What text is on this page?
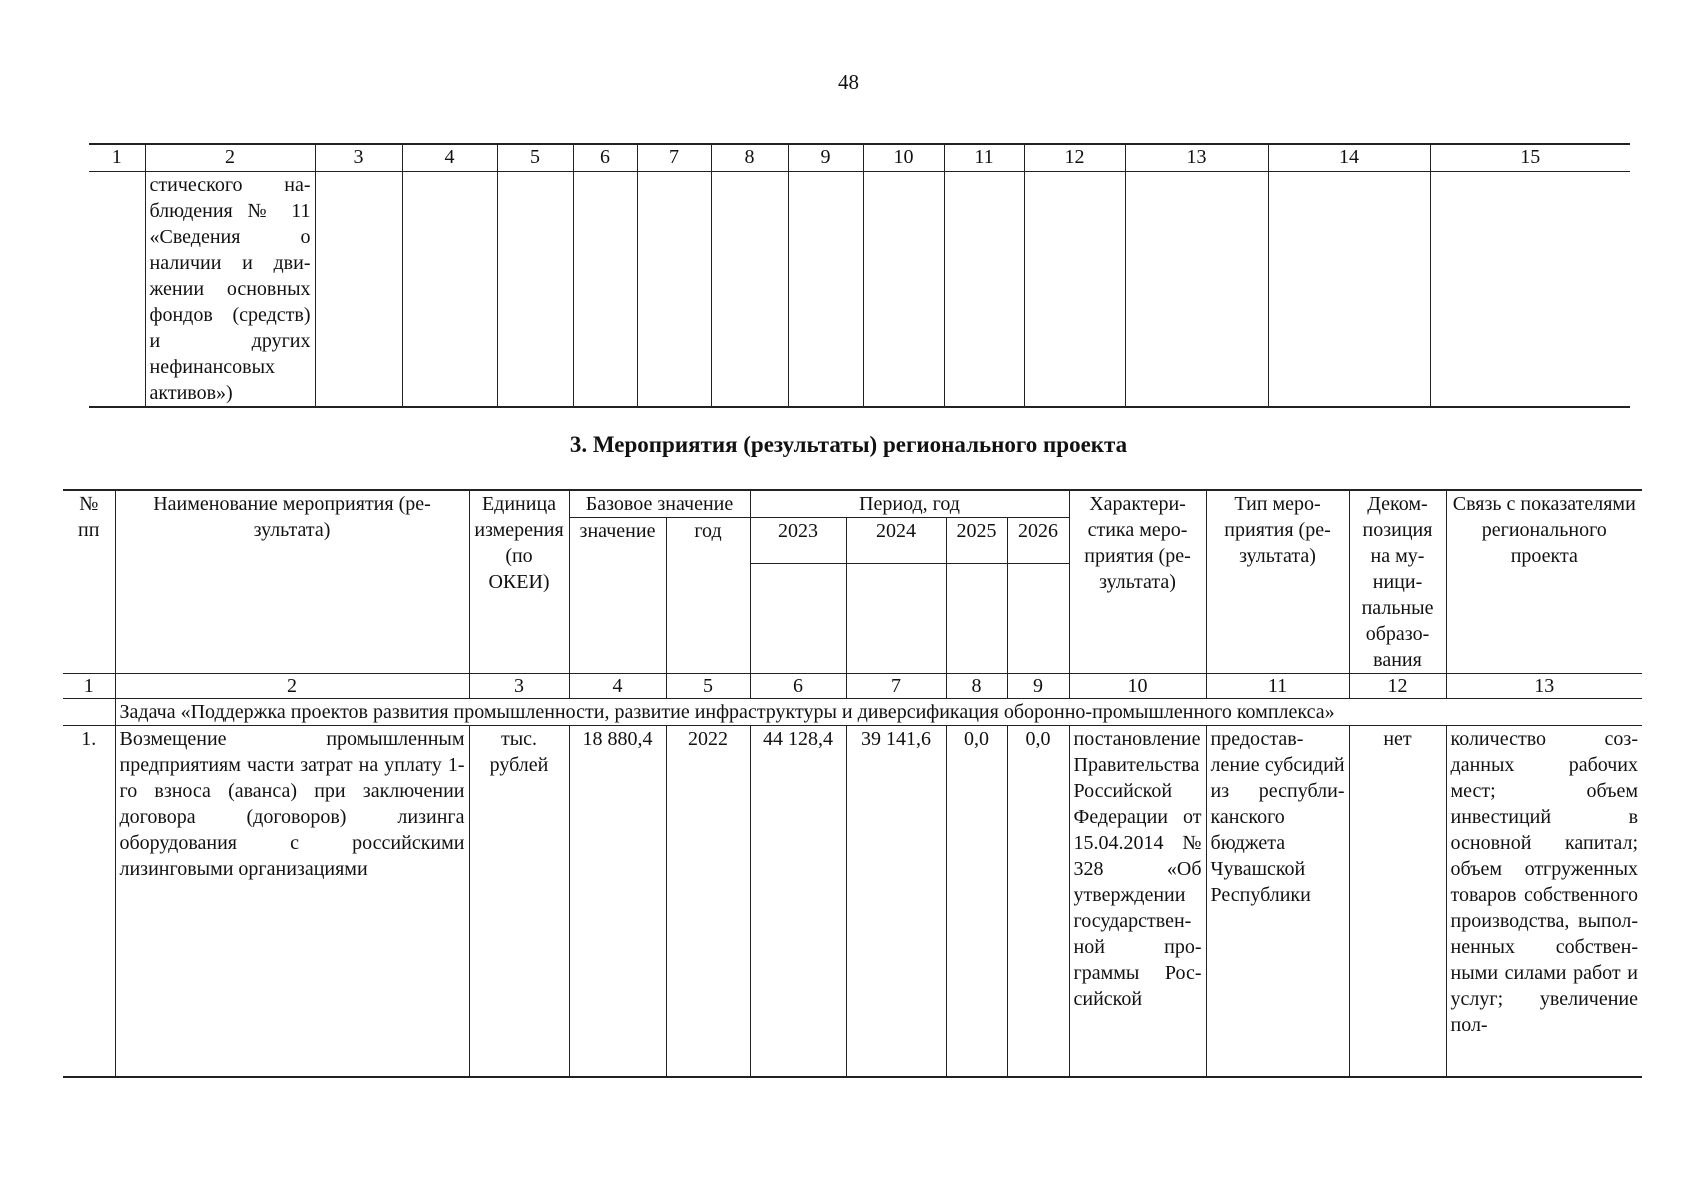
48
1	2	3	4	5	6	7	8	9	10	11	12	13	14	15
	стического наблюдения № 11 «Сведения о наличии и движении основных фондов (средств) и других нефинансовых активов»)													
3. Мероприятия (результаты) регионального проекта
№ пп	Наименование мероприятия (результата)	Единица измерения (по ОКЕИ)	Базовое значение		Период, год				Характеристика мероприятия (результата)	Тип мероприятия (результата)	Декомпозиция на муниципальные образования	Связь с показателями регионального проекта
			значение	год	2023	2024	2025	2026				

1	2	3	4	5	6	7	8	9	10	11	12	13
	Задача «Поддержка проектов развития промышленности, развитие инфраструктуры и диверсификация оборонно-промышленного комплекса»											
1.	Возмещение промышленным предприятиям части затрат на уплату 1-го взноса (аванса) при заключении договора (договоров) лизинга оборудования с российскими лизинговыми организациями	тыс. рублей	18 880,4	2022	44 128,4	39 141,6	0,0	0,0	постановление Правительства Российской Федерации от 15.04.2014 № 328 «Об утверждении государственной программы Российской	предоставление субсидий из республиканского бюджета Чувашской Республики	нет	количество созданных рабочих мест; объем инвестиций в основной капитал; объем отгруженных товаров собственного производства, выполненных собственными силами работ и услуг; увеличение пол-
